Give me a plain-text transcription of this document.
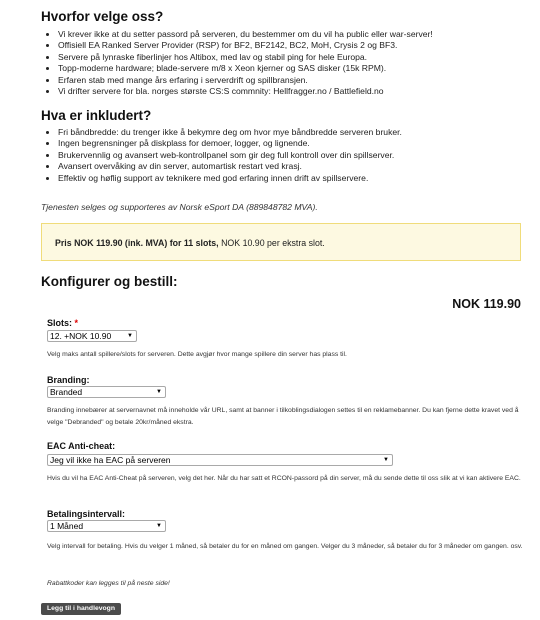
Hvorfor velge oss?
• Vi krever ikke at du setter passord på serveren, du bestemmer om du vil ha public eller war-server!
• Offisiell EA Ranked Server Provider (RSP) for BF2, BF2142, BC2, MoH, Crysis 2 og BF3.
• Servere på lynraske fiberlinjer hos Altibox, med lav og stabil ping for hele Europa.
• Topp-moderne hardware; blade-servere m/8 x Xeon kjerner og SAS disker (15k RPM).
• Erfaren stab med mange års erfaring i serverdrift og spillbransjen.
• Vi drifter servere for bla. norges største CS:S commnity: Hellfragger.no / Battlefield.no
Hva er inkludert?
• Fri båndbredde: du trenger ikke å bekymre deg om hvor mye båndbredde serveren bruker.
• Ingen begrensninger på diskplass for demoer, logger, og lignende.
• Brukervennlig og avansert web-kontrollpanel som gir deg full kontroll over din spillserver.
• Avansert overvåking av din server, automartisk restart ved krasj.
• Effektiv og høflig support av teknikere med god erfaring innen drift av spillservere.
Tjenesten selges og supporteres av Norsk eSport DA (889848782 MVA).
Pris NOK 119.90 (ink. MVA) for 11 slots, NOK 10.90 per ekstra slot.
Konfigurer og bestill:
NOK 119.90
Slots: *
12. +NOK 10.90	▼
Velg maks antall spillere/slots for serveren. Dette avgjør hvor mange spillere din server has plass til.
Branding:
Branded	▼
Branding innebærer at servernavnet må inneholde vår URL, samt at banner i tilkoblingsdialogen settes til en reklamebanner. Du kan fjerne dette kravet ved å velge "Debranded" og betale 20kr/måned ekstra.
EAC Anti-cheat:
Jeg vil ikke ha EAC på serveren	▼
Hvis du vil ha EAC Anti-Cheat på serveren, velg det her. Når du har satt et RCON-passord på din server, må du sende dette til oss slik at vi kan aktivere EAC.
Betalingsintervall:
1 Måned	▼
Velg intervall for betaling. Hvis du velger 1 måned, så betaler du for en måned om gangen. Velger du 3 måneder, så betaler du for 3 måneder om gangen. osv.
Rabattkoder kan legges til på neste side!
Legg til i handlevogn
